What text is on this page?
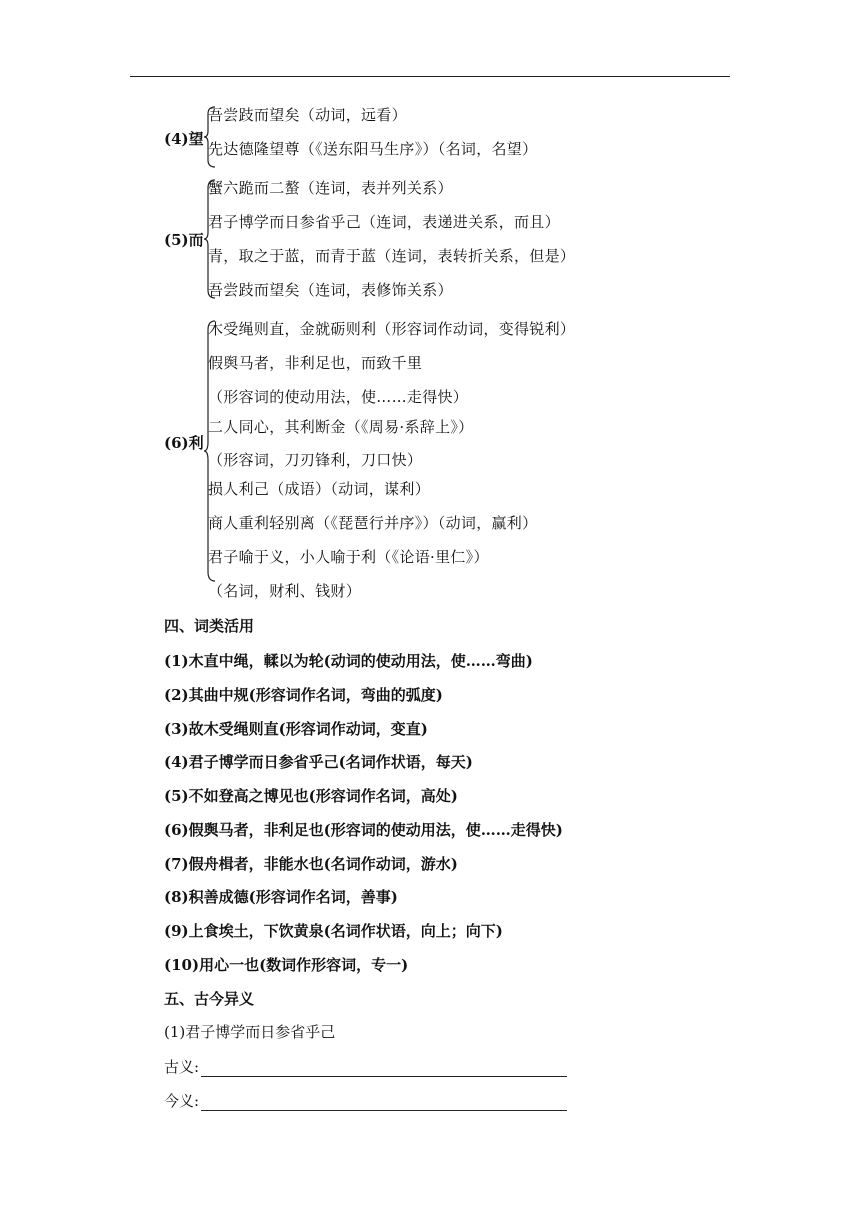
(4)望
吾尝跂而望矣（动词，远看）
先达德隆望尊（《送东阳马生序》）（名词，名望）
(5)而
蟹六跪而二螯（连词，表并列关系）
君子博学而日参省乎己（连词，表递进关系，而且）
青，取之于蓝，而青于蓝（连词，表转折关系，但是）
吾尝跂而望矣（连词，表修饰关系）
(6)利
木受绳则直，金就砺则利（形容词作动词，变得锐利）
假舆马者，非利足也，而致千里
（形容词的使动用法，使……走得快）
二人同心，其利断金（《周易·系辞上》）
（形容词，刀刃锋利，刀口快）
损人利己（成语）（动词，谋利）
商人重利轻别离（《琵琶行并序》）（动词，赢利）
君子喻于义，小人喻于利（《论语·里仁》）
（名词，财利、钱财）
四、词类活用
(1)木直中绳，輮以为轮(动词的使动用法，使……弯曲)
(2)其曲中规(形容词作名词，弯曲的弧度)
(3)故木受绳则直(形容词作动词，变直)
(4)君子博学而日参省乎己(名词作状语，每天)
(5)不如登高之博见也(形容词作名词，高处)
(6)假舆马者，非利足也(形容词的使动用法，使……走得快)
(7)假舟楫者，非能水也(名词作动词，游水)
(8)积善成德(形容词作名词，善事)
(9)上食埃土，下饮黄泉(名词作状语，向上；向下)
(10)用心一也(数词作形容词，专一)
五、古今异义
(1)君子博学而日参省乎己
古义:
今义:
